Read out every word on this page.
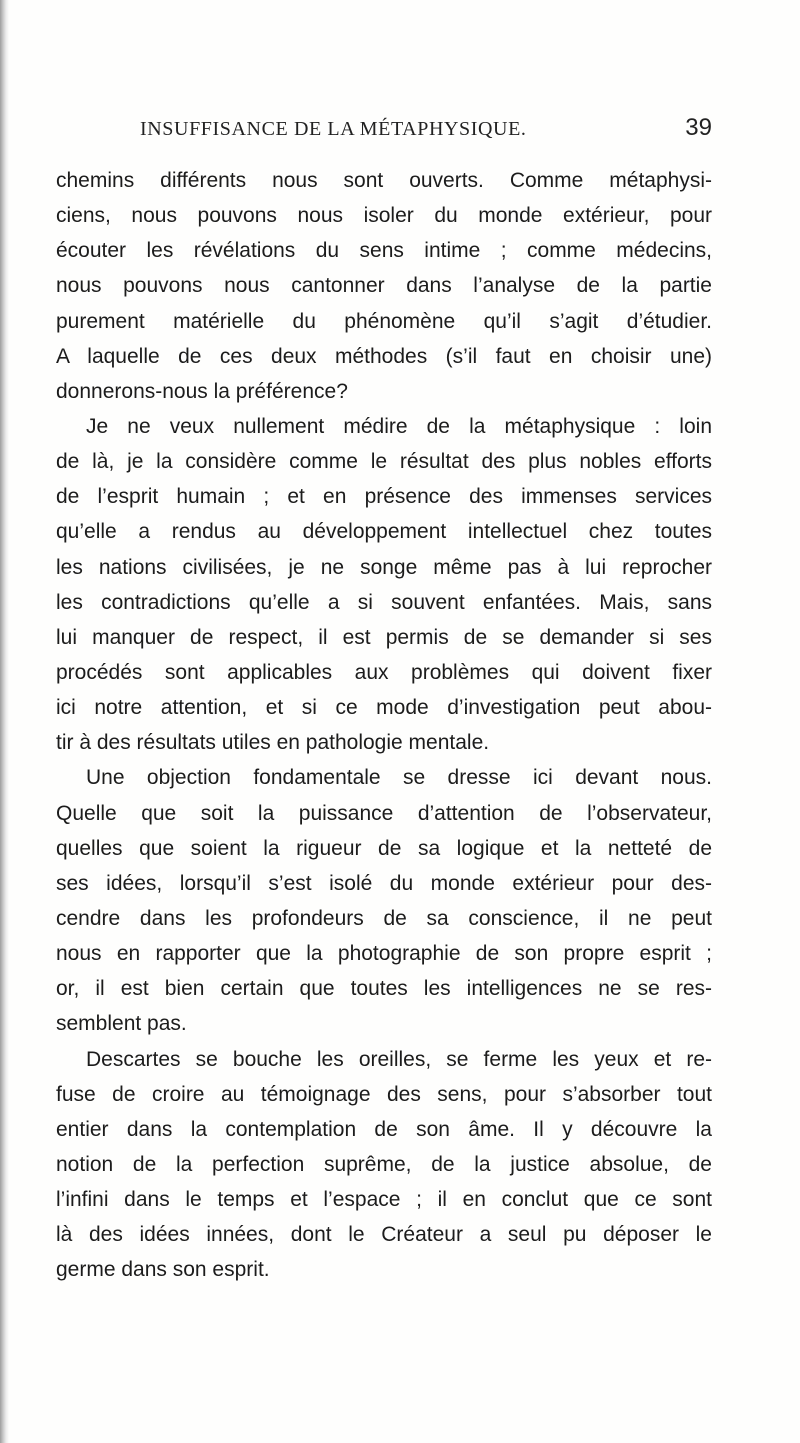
INSUFFISANCE DE LA MÉTAPHYSIQUE.	39
chemins différents nous sont ouverts. Comme métaphysi-
ciens, nous pouvons nous isoler du monde extérieur, pour
écouter les révélations du sens intime ; comme médecins,
nous pouvons nous cantonner dans l’analyse de la partie
purement matérielle du phénomène qu’il s’agit d’étudier.
A laquelle de ces deux méthodes (s’il faut en choisir une)
donnerons-nous la préférence?
Je ne veux nullement médire de la métaphysique : loin
de là, je la considère comme le résultat des plus nobles efforts
de l’esprit humain ; et en présence des immenses services
qu’elle a rendus au développement intellectuel chez toutes
les nations civilisées, je ne songe même pas à lui reprocher
les contradictions qu’elle a si souvent enfantées. Mais, sans
lui manquer de respect, il est permis de se demander si ses
procédés sont applicables aux problèmes qui doivent fixer
ici notre attention, et si ce mode d’investigation peut abou-
tir à des résultats utiles en pathologie mentale.
Une objection fondamentale se dresse ici devant nous.
Quelle que soit la puissance d’attention de l’observateur,
quelles que soient la rigueur de sa logique et la netteté de
ses idées, lorsqu’il s’est isolé du monde extérieur pour des-
cendre dans les profondeurs de sa conscience, il ne peut
nous en rapporter que la photographie de son propre esprit ;
or, il est bien certain que toutes les intelligences ne se res-
semblent pas.
Descartes se bouche les oreilles, se ferme les yeux et re-
fuse de croire au témoignage des sens, pour s’absorber tout
entier dans la contemplation de son âme. Il y découvre la
notion de la perfection suprême, de la justice absolue, de
l’infini dans le temps et l’espace ; il en conclut que ce sont
là des idées innées, dont le Créateur a seul pu déposer le
germe dans son esprit.
